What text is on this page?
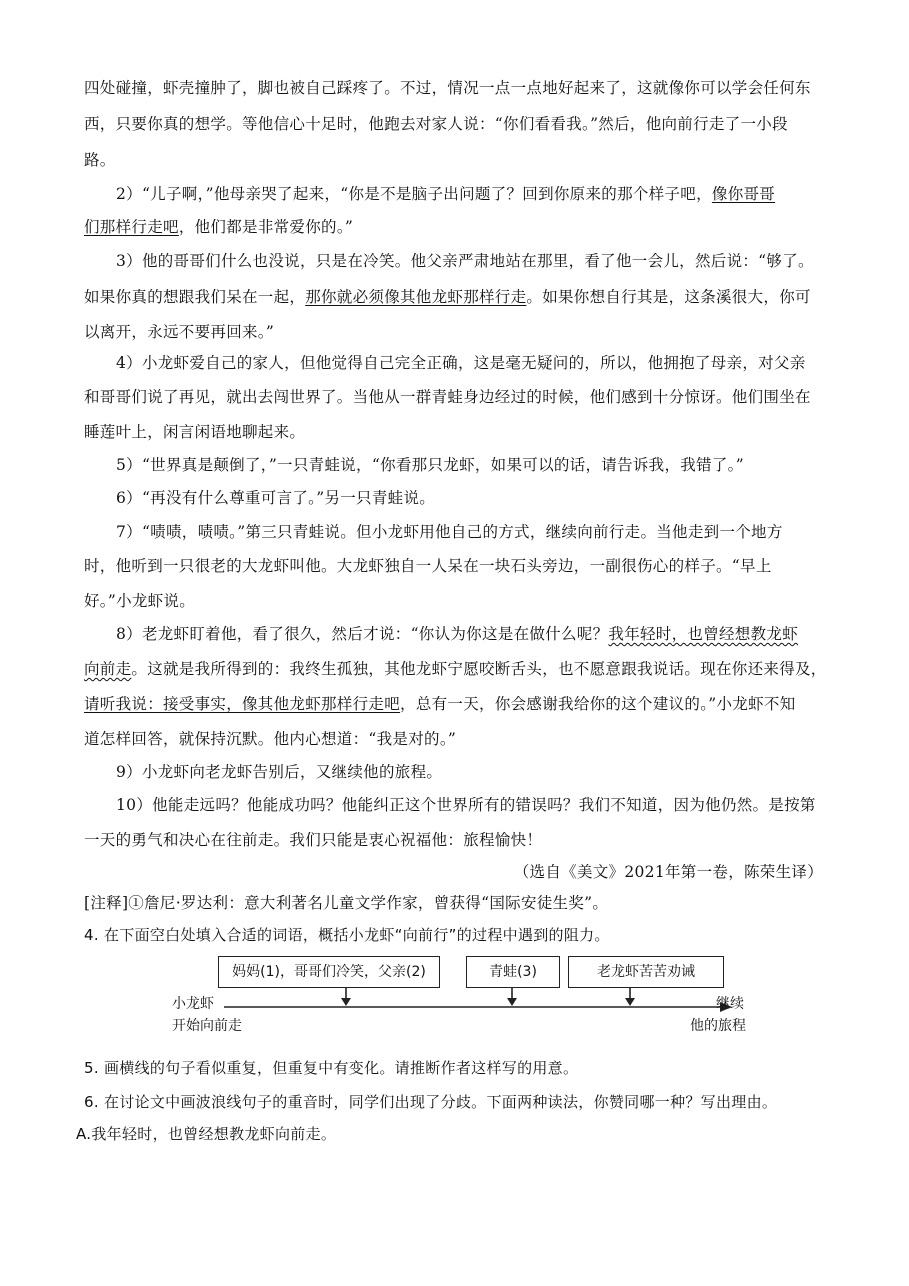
四处碰撞，虾壳撞肿了，脚也被自己踩疼了。不过，情况一点一点地好起来了，这就像你可以学会任何东
西，只要你真的想学。等他信心十足时，他跑去对家人说：“你们看看我。”然后，他向前行走了一小段
路。
2）“儿子啊，”他母亲哭了起来，“你是不是脑子出问题了？回到你原来的那个样子吧，像你哥哥
们那样行走吧，他们都是非常爱你的。”
3）他的哥哥们什么也没说，只是在冷笑。他父亲严肃地站在那里，看了他一会儿，然后说：“够了。
如果你真的想跟我们呆在一起，那你就必须像其他龙虾那样行走。如果你想自行其是，这条溪很大，你可
以离开，永远不要再回来。”
4）小龙虾爱自己的家人，但他觉得自己完全正确，这是毫无疑问的，所以，他拥抱了母亲，对父亲
和哥哥们说了再见，就出去闯世界了。当他从一群青蛙身边经过的时候，他们感到十分惊讶。他们围坐在
睡莲叶上，闲言闲语地聊起来。
5）“世界真是颠倒了，”一只青蛙说，“你看那只龙虾，如果可以的话，请告诉我，我错了。”
6）“再没有什么尊重可言了。”另一只青蛙说。
7）“啧啧，啧啧。”第三只青蛙说。但小龙虾用他自己的方式，继续向前行走。当他走到一个地方
时，他听到一只很老的大龙虾叫他。大龙虾独自一人呆在一块石头旁边，一副很伤心的样子。“早上
好。”小龙虾说。
8）老龙虾盯着他，看了很久，然后才说：“你认为你这是在做什么呢？我年轻时，也曾经想教龙虾
向前走。这就是我所得到的：我终生孤独，其他龙虾宁愿咬断舌头，也不愿意跟我说话。现在你还来得及，
请听我说：接受事实，像其他龙虾那样行走吧，总有一天，你会感谢我给你的这个建议的。”小龙虾不知
道怎样回答，就保持沉默。他内心想道：“我是对的。”
9）小龙虾向老龙虾告别后，又继续他的旅程。
10）他能走远吗？他能成功吗？他能纠正这个世界所有的错误吗？我们不知道，因为他仍然。是按第
一天的勇气和决心在往前走。我们只能是衷心祝福他：旅程愉快！
（选自《美文》2021年第一卷，陈荣生译）
[注释]①詹尼·罗达利：意大利著名儿童文学作家，曾获得“国际安徒生奖”。
4. 在下面空白处填入合适的词语，概括小龙虾“向前行”的过程中遇到的阻力。
妈妈(1)，哥哥们冷笑，父亲(2)	青蛙(3)	老龙虾苦苦劝诫
小龙虾
开始向前走
继续
他的旅程
5. 画横线的句子看似重复，但重复中有变化。请推断作者这样写的用意。
6. 在讨论文中画波浪线句子的重音时，同学们出现了分歧。下面两种读法，你赞同哪一种？写出理由。
A.我年轻时，也曾经想教龙虾向前走。
